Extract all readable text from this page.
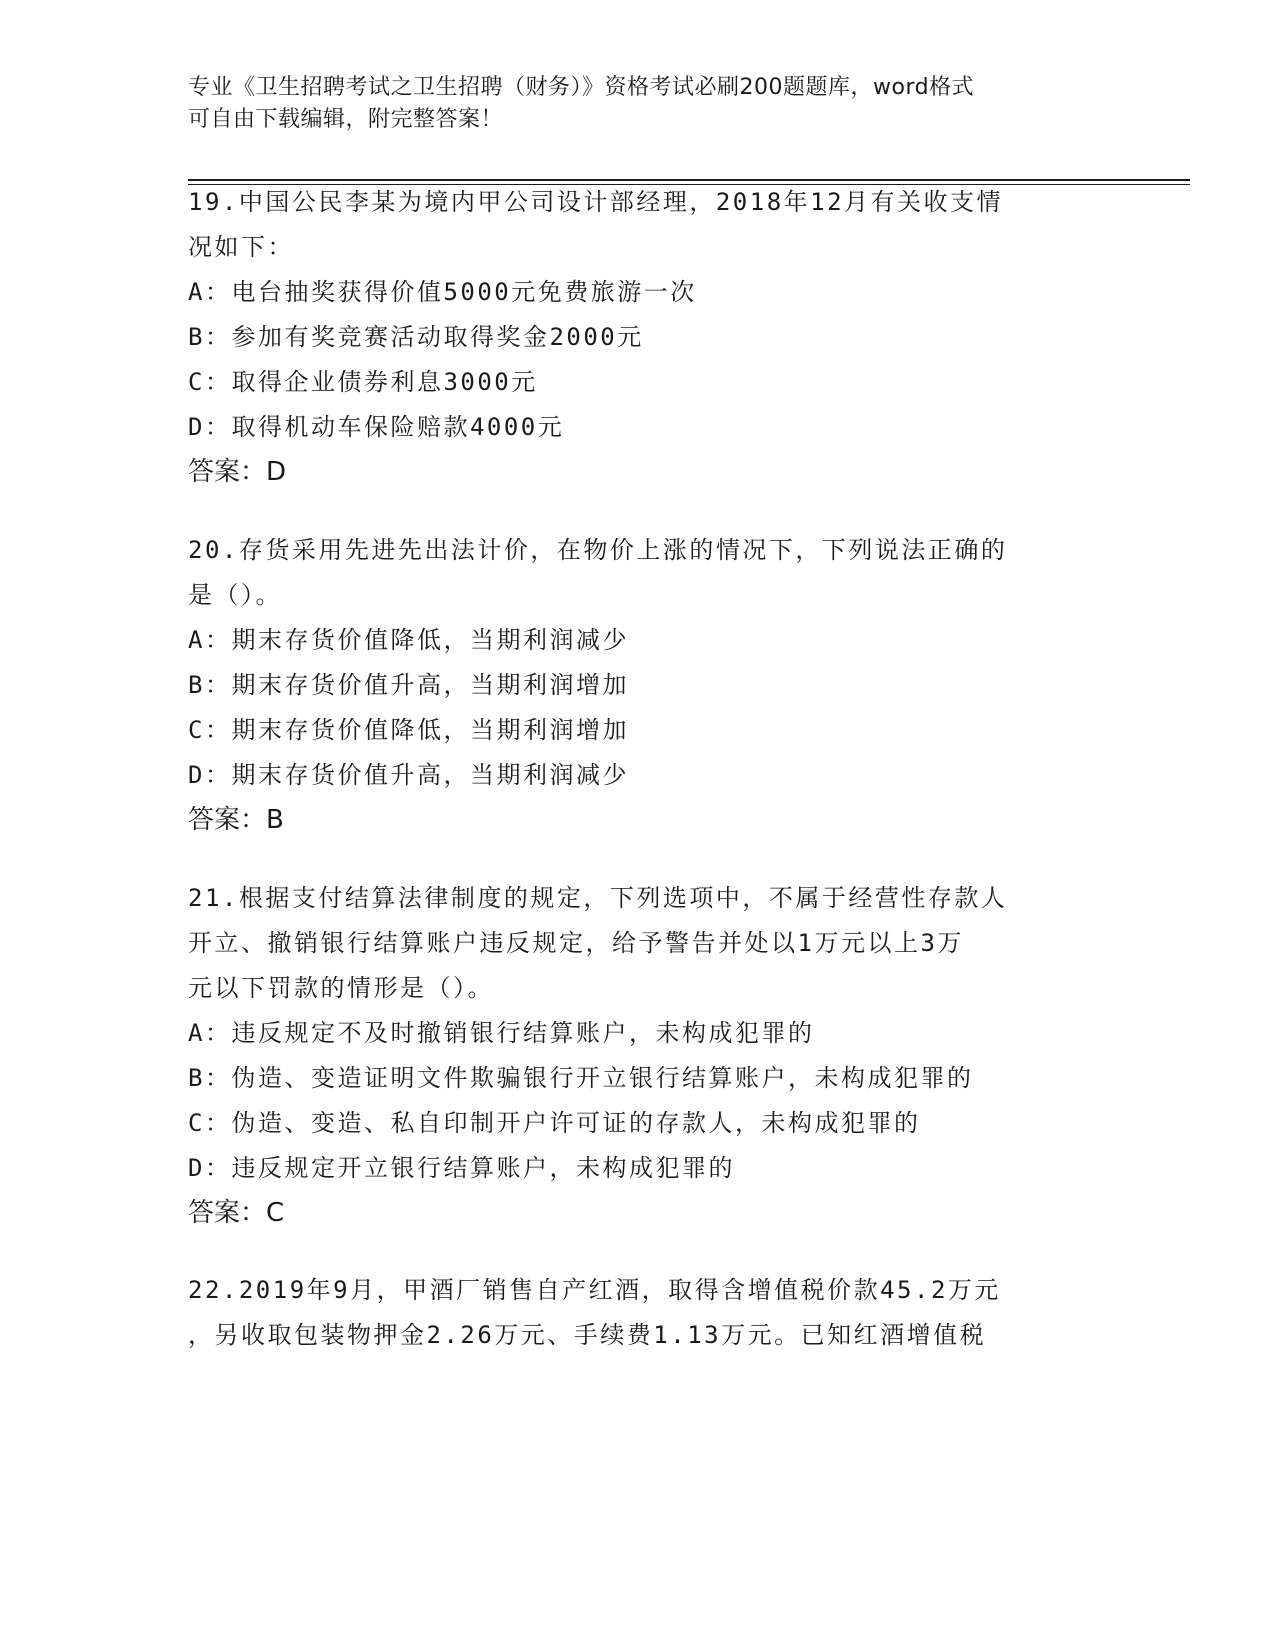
专业《卫生招聘考试之卫生招聘（财务）》资格考试必刷200题题库，word格式
可自由下载编辑，附完整答案！
19.中国公民李某为境内甲公司设计部经理，2018年12月有关收支情
况如下：
A：电台抽奖获得价值5000元免费旅游一次
B：参加有奖竞赛活动取得奖金2000元
C：取得企业债券利息3000元
D：取得机动车保险赔款4000元
答案：D
20.存货采用先进先出法计价，在物价上涨的情况下，下列说法正确的
是（）。
A：期末存货价值降低，当期利润减少
B：期末存货价值升高，当期利润增加
C：期末存货价值降低，当期利润增加
D：期末存货价值升高，当期利润减少
答案：B
21.根据支付结算法律制度的规定，下列选项中，不属于经营性存款人
开立、撤销银行结算账户违反规定，给予警告并处以1万元以上3万
元以下罚款的情形是（）。
A：违反规定不及时撤销银行结算账户，未构成犯罪的
B：伪造、变造证明文件欺骗银行开立银行结算账户，未构成犯罪的
C：伪造、变造、私自印制开户许可证的存款人，未构成犯罪的
D：违反规定开立银行结算账户，未构成犯罪的
答案：C
22.2019年9月，甲酒厂销售自产红酒，取得含增值税价款45.2万元
，另收取包装物押金2.26万元、手续费1.13万元。已知红酒增值税
